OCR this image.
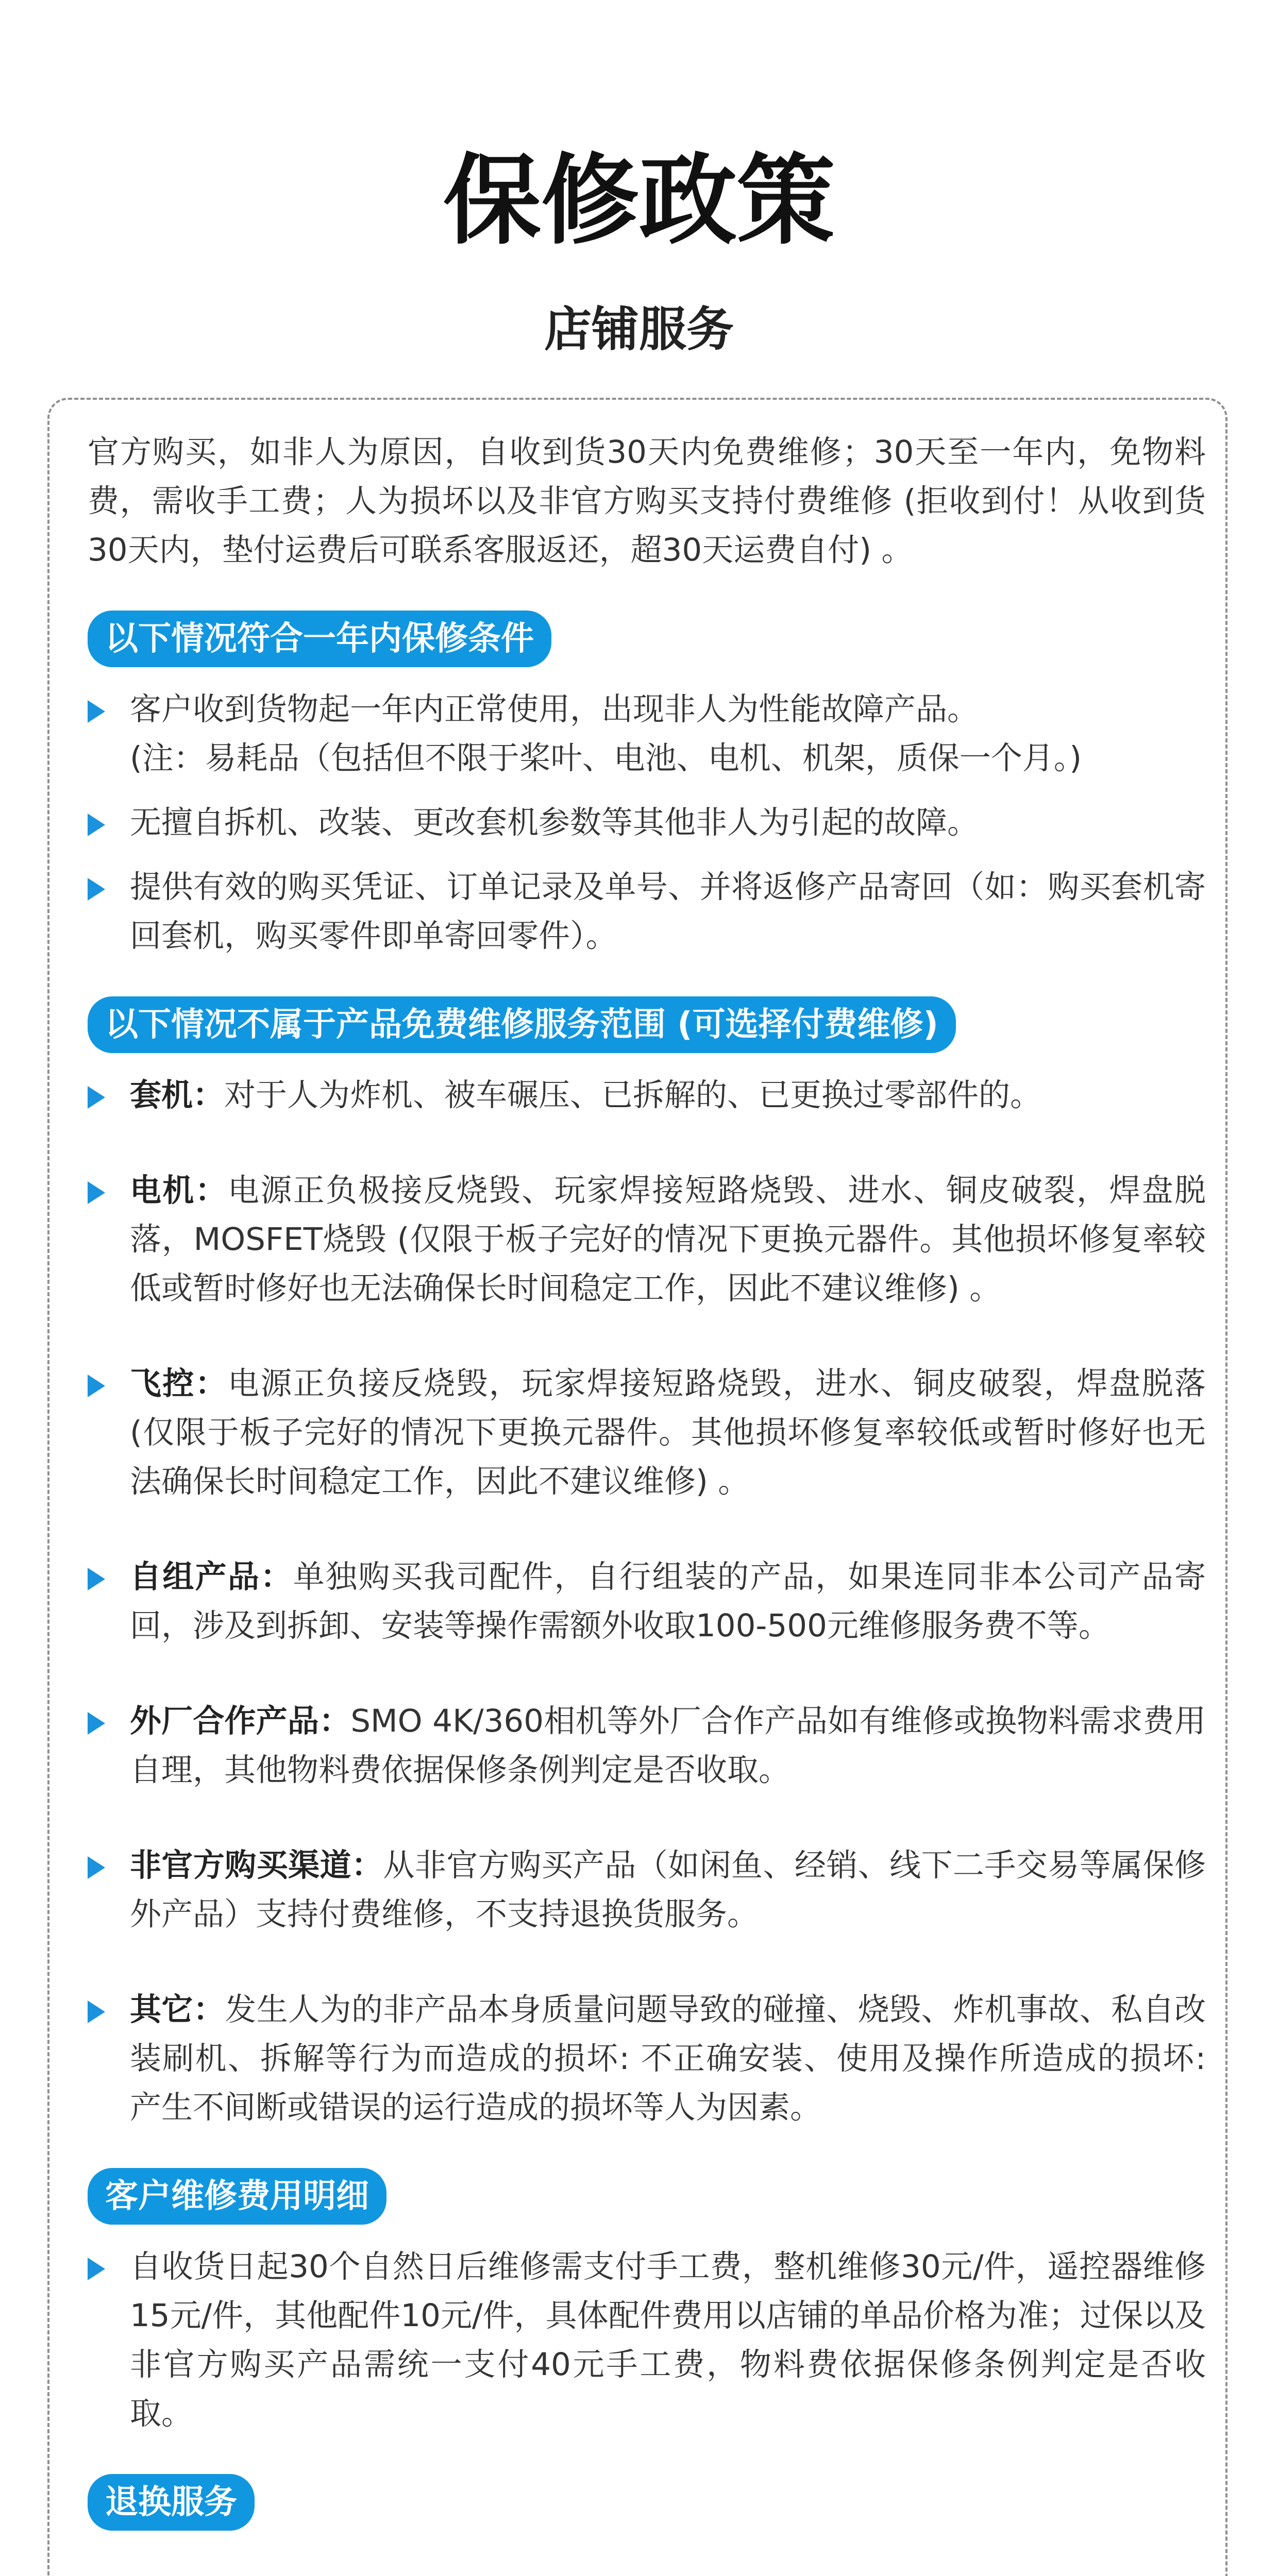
保修政策
店铺服务

官方购买，如非人为原因，自收到货30天内免费维修；30天至一年内，免物料费，需收手工费；人为损坏以及非官方购买支持付费维修 (拒收到付！从收到货30天内，垫付运费后可联系客服返还，超30天运费自付) 。

以下情况符合一年内保修条件
客户收到货物起一年内正常使用，出现非人为性能故障产品。
(注：易耗品（包括但不限于桨叶、电池、电机、机架，质保一个月。)
无擅自拆机、改装、更改套机参数等其他非人为引起的故障。
提供有效的购买凭证、订单记录及单号、并将返修产品寄回（如：购买套机寄回套机，购买零件即单寄回零件）。
以下情况不属于产品免费维修服务范围 (可选择付费维修)
套机：对于人为炸机、被车碾压、已拆解的、已更换过零部件的。
电机：电源正负极接反烧毁、玩家焊接短路烧毁、进水、铜皮破裂，焊盘脱落，MOSFET烧毁 (仅限于板子完好的情况下更换元器件。其他损坏修复率较低或暂时修好也无法确保长时间稳定工作，因此不建议维修) 。
飞控：电源正负接反烧毁，玩家焊接短路烧毁，进水、铜皮破裂，焊盘脱落 (仅限于板子完好的情况下更换元器件。其他损坏修复率较低或暂时修好也无法确保长时间稳定工作，因此不建议维修) 。
自组产品：单独购买我司配件，自行组装的产品，如果连同非本公司产品寄回，涉及到拆卸、安装等操作需额外收取100-500元维修服务费不等。
外厂合作产品：SMO 4K/360相机等外厂合作产品如有维修或换物料需求费用自理，其他物料费依据保修条例判定是否收取。
非官方购买渠道：从非官方购买产品（如闲鱼、经销、线下二手交易等属保修外产品）支持付费维修，不支持退换货服务。
其它：发生人为的非产品本身质量问题导致的碰撞、烧毁、炸机事故、私自改装刷机、拆解等行为而造成的损坏: 不正确安装、使用及操作所造成的损坏: 产生不间断或错误的运行造成的损坏等人为因素。
客户维修费用明细
自收货日起30个自然日后维修需支付手工费，整机维修30元/件，遥控器维修15元/件，其他配件10元/件，具体配件费用以店铺的单品价格为准；过保以及非官方购买产品需统一支付40元手工费，物料费依据保修条例判定是否收取。
退换服务
